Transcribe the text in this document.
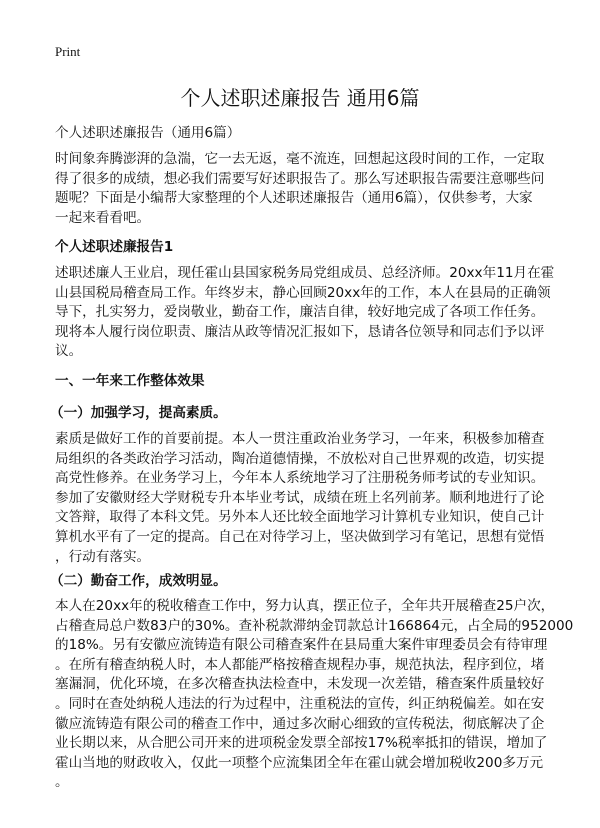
Print
个人述职述廉报告 通用6篇
个人述职述廉报告（通用6篇）
时间象奔腾澎湃的急湍，它一去无返，毫不流连，回想起这段时间的工作，一定取
得了很多的成绩，想必我们需要写好述职报告了。那么写述职报告需要注意哪些问
题呢？下面是小编帮大家整理的个人述职述廉报告（通用6篇），仅供参考，大家
一起来看看吧。
个人述职述廉报告1
述职述廉人王业启，现任霍山县国家税务局党组成员、总经济师。20xx年11月在霍
山县国税局稽查局工作。年终岁末，静心回顾20xx年的工作，本人在县局的正确领
导下，扎实努力，爱岗敬业，勤奋工作，廉洁自律，较好地完成了各项工作任务。
现将本人履行岗位职责、廉洁从政等情况汇报如下，恳请各位领导和同志们予以评
议。
一、一年来工作整体效果
（一）加强学习，提高素质。
素质是做好工作的首要前提。本人一贯注重政治业务学习，一年来，积极参加稽查
局组织的各类政治学习活动，陶冶道德情操，不放松对自己世界观的改造，切实提
高党性修养。在业务学习上，今年本人系统地学习了注册税务师考试的专业知识。
参加了安徽财经大学财税专升本毕业考试，成绩在班上名列前茅。顺利地进行了论
文答辩，取得了本科文凭。另外本人还比较全面地学习计算机专业知识，使自己计
算机水平有了一定的提高。自己在对待学习上，坚决做到学习有笔记，思想有觉悟
，行动有落实。
（二）勤奋工作，成效明显。
本人在20xx年的税收稽查工作中，努力认真，摆正位子，全年共开展稽查25户次，
占稽查局总户数83户的30%。查补税款滞纳金罚款总计166864元，占全局的952000
的18%。另有安徽应流铸造有限公司稽查案件在县局重大案件审理委员会有待审理
。在所有稽查纳税人时，本人都能严格按稽查规程办事，规范执法，程序到位，堵
塞漏洞，优化环境，在多次稽查执法检查中，未发现一次差错，稽查案件质量较好
。同时在查处纳税人违法的行为过程中，注重税法的宣传，纠正纳税偏差。如在安
徽应流铸造有限公司的稽查工作中，通过多次耐心细致的宣传税法，彻底解决了企
业长期以来，从合肥公司开来的进项税金发票全部按17%税率抵扣的错误，增加了
霍山当地的财政收入，仅此一项整个应流集团全年在霍山就会增加税收200多万元
。
